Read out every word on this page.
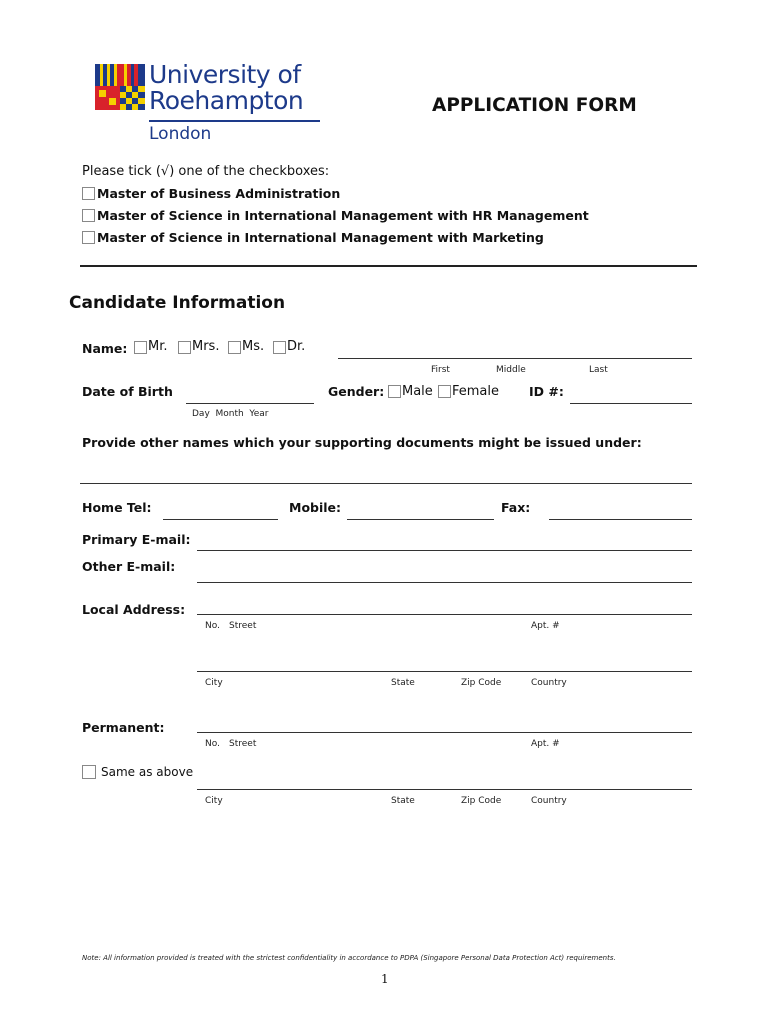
University of
Roehampton
London
APPLICATION FORM
Please tick (√) one of the checkboxes:
Master of Business Administration
Master of Science in International Management with HR Management
Master of Science in International Management with Marketing
Candidate Information
Name: Mr. Mrs. Ms. Dr.
First	Middle	Last
Date of Birth
Day  Month  Year
Gender: Male Female ID #:
Provide other names which your supporting documents might be issued under:
Home Tel:	Mobile:	Fax:
Primary E-mail:
Other E-mail:
Local Address:
No. Street	Apt. #
City	State	Zip Code	Country
Permanent:
No. Street	Apt. #
Same as above
City	State	Zip Code	Country
Note: All information provided is treated with the strictest confidentiality in accordance to PDPA (Singapore Personal Data Protection Act) requirements.
1
